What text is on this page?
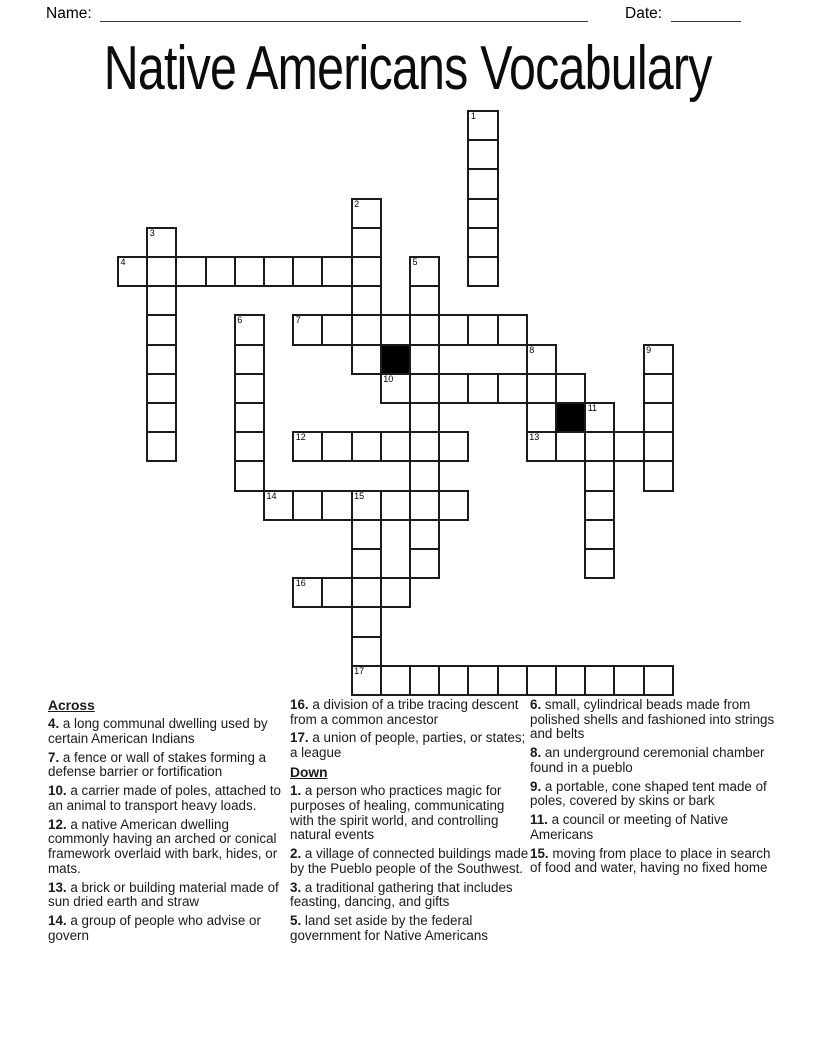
Name:	Date:
Native Americans Vocabulary
1
2
3
4	5
6	7
8	9
10
11
12	13
14	15
16
17
Across
4. a long communal dwelling used by certain American Indians
7. a fence or wall of stakes forming a defense barrier or fortification
10. a carrier made of poles, attached to an animal to transport heavy loads.
12. a native American dwelling commonly having an arched or conical framework overlaid with bark, hides, or mats.
13. a brick or building material made of sun dried earth and straw
14. a group of people who advise or govern
16. a division of a tribe tracing descent from a common ancestor
17. a union of people, parties, or states; a league
Down
1. a person who practices magic for purposes of healing, communicating with the spirit world, and controlling natural events
2. a village of connected buildings made by the Pueblo people of the Southwest.
3. a traditional gathering that includes feasting, dancing, and gifts
5. land set aside by the federal government for Native Americans
6. small, cylindrical beads made from polished shells and fashioned into strings and belts
8. an underground ceremonial chamber found in a pueblo
9. a portable, cone shaped tent made of poles, covered by skins or bark
11. a council or meeting of Native Americans
15. moving from place to place in search of food and water, having no fixed home
